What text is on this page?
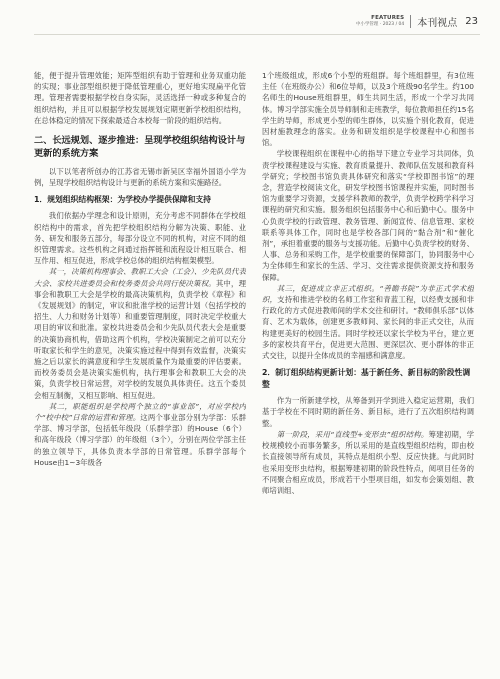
FEATURES
中小学管理 · 2023 / 04 本刊视点 23

能，便于提升管理效能；矩阵型组织有助于管理和业务双重功能的实现；事业部型组织便于降低管理重心，更好地实现扁平化管理。管理者需要根据学校自身实际，灵活选择一种或多种复合的组织结构，并且可以根据学校发展规划定期更新学校组织结构，在总体稳定的情况下探索最适合本校每一阶段的组织结构。

二、长远规划、逐步推进：呈现学校组织结构设计与更新的系统方案

以下以笔者所创办的江苏省无锡市新吴区幸福外国语小学为例，呈现学校组织结构设计与更新的系统方案和实施路径。

1．规划组织结构框架：为学校办学提供保障和支持

我们依据办学理念和设计原则，充分考虑不同群体在学校组织结构中的需求，首先把学校组织结构分解为决策、职能、业务、研发和服务五部分，每部分设立不同的机构，对应不同的组织管理需求。这些机构之间通过指挥链和流程设计相互联合、相互作用、相互促进，形成学校总体的组织结构框架模型。

其一，决策机构理事会、教职工大会（工会）、少先队员代表大会、家校共进委员会和校务委员会共同行使决策权。其中，理事会和教职工大会是学校的最高决策机构，负责学校《章程》和《发展规划》的制定，审议和批准学校的运营计划（包括学校的招生、人力和财务计划等）和重要管理制度，同时决定学校重大项目的审议和批准。家校共进委员会和少先队员代表大会是重要的决策协商机构，借助这两个机构，学校决策制定之前可以充分听取家长和学生的意见，决策实施过程中得到有效监督，决策实施之后以家长的满意度和学生发展质量作为最重要的评估要素。而校务委员会是决策实施机构，执行理事会和教职工大会的决策，负责学校日常运营，对学校的发展负具体责任。这五个委员会相互制衡，又相互影响、相互促进。

其二，职能组织是学校两个独立的“事业部”，对应学校内个“校中校”日常的运营和管理。这两个事业部分别为学部：乐群学部、博习学部，包括低年级段（乐群学部）的House（6个）和高年级段（博习学部）的年级组（3个），分别在两位学部主任的独立领导下，具体负责本学部的日常管理。乐群学部每个House由1~3年级各

1个班级组成，形成6个小型的班组群。每个班组群里，有3位班主任（在班级办公）和6位导师，以及3个班级90名学生。约100名师生的House班组群里，师生共同生活，形成一个学习共同体。博习学部实施全员导师制和走班教学，每位教师担任约15名学生的导师，形成更小型的师生群体，以实施个别化教育，促进因材施教理念的落实。业务和研发组织是学校课程中心和图书馆。

学校课程组织在课程中心的指导下建立专业学习共同体，负责学校课程建设与实施、教育质量提升、教师队伍发展和教育科学研究；学校图书馆负责具体研究和落实“学校即图书馆”的理念，营造学校阅读文化，研发学校图书馆课程并实施，同时图书馆为重要学习资源，支援学科教师的教学，负责学校跨学科学习课程的研究和实施。服务组织包括服务中心和后勤中心。服务中心负责学校的行政管理、教务管理、新闻宣传、信息管理、家校联系等具体工作，同时也是学校各部门间的“黏合剂”和“催化剂”，承担着重要的服务与支援功能。后勤中心负责学校的财务、人事、总务和采购工作，是学校重要的保障部门，协同服务中心为全体师生和家长的生活、学习、交往需求提供资源支持和服务保障。

其三，促进成立非正式组织。“善瞻书院”为非正式学术组织，支持和推进学校的名师工作室和青蓝工程，以经费支援和非行政化的方式促进教师间的学术交往和研讨。“教师俱乐部”以体育、艺术为载体，创建更多教师间、家长间的非正式交往，从而构建更美好的校园生活。同时学校还以家长学校为平台，建立更多的家校共育平台，促进更大范围、更深层次、更小群体的非正式交往，以提升全体成员的幸福感和满意度。

2．制订组织结构更新计划：基于新任务、新目标的阶段性调整

作为一所新建学校，从筹备到开学到进入稳定运营期，我们基于学校在不同时期的新任务、新目标，进行了五次组织结构调整。

第一阶段，采用“直线型+变形虫”组织结构。筹建初期，学校规模较小而事务繁多，所以采用的是直线型组织结构，即由校长直接领导所有成员，其特点是组织小型、反应快捷。与此同时也采用变形虫结构，根据筹建初期的阶段性特点，阅项目任务的不同聚合相应成员，形成若干小型项目组，如发布会策划组、教师培训组、
